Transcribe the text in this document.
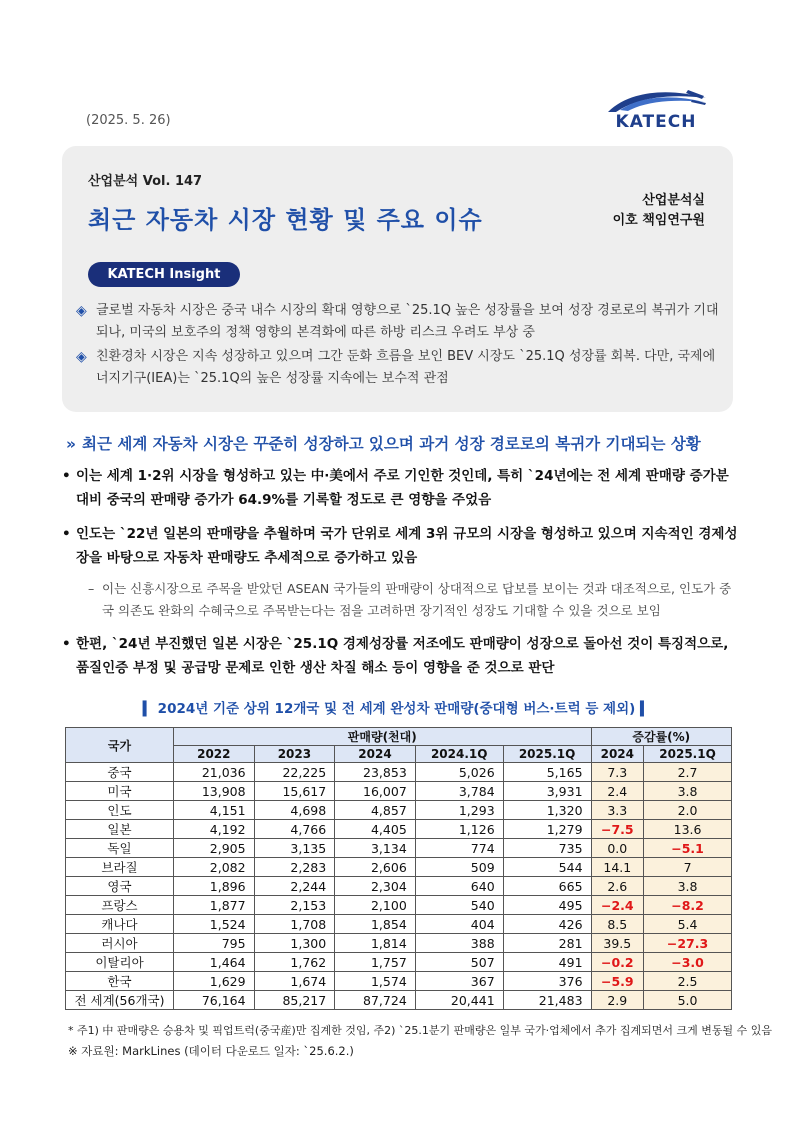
(2025. 5. 26)	KATECH
산업분석 Vol. 147
최근 자동차 시장 현황 및 주요 이슈
산업분석실
이호 책임연구원
KATECH Insight
◈ 글로벌 자동차 시장은 중국 내수 시장의 확대 영향으로 `25.1Q 높은 성장률을 보여 성장 경로로의 복귀가 기대되나, 미국의 보호주의 정책 영향의 본격화에 따른 하방 리스크 우려도 부상 중
◈ 친환경차 시장은 지속 성장하고 있으며 그간 둔화 흐름을 보인 BEV 시장도 `25.1Q 성장률 회복. 다만, 국제에너지기구(IEA)는 `25.1Q의 높은 성장률 지속에는 보수적 관점
» 최근 세계 자동차 시장은 꾸준히 성장하고 있으며 과거 성장 경로로의 복귀가 기대되는 상황
• 이는 세계 1·2위 시장을 형성하고 있는 中·美에서 주로 기인한 것인데, 특히 `24년에는 전 세계 판매량 증가분 대비 중국의 판매량 증가가 64.9%를 기록할 정도로 큰 영향을 주었음
• 인도는 `22년 일본의 판매량을 추월하며 국가 단위로 세계 3위 규모의 시장을 형성하고 있으며 지속적인 경제성장을 바탕으로 자동차 판매량도 추세적으로 증가하고 있음
– 이는 신흥시장으로 주목을 받았던 ASEAN 국가들의 판매량이 상대적으로 답보를 보이는 것과 대조적으로, 인도가 중국 의존도 완화의 수혜국으로 주목받는다는 점을 고려하면 장기적인 성장도 기대할 수 있을 것으로 보임
• 한편, `24년 부진했던 일본 시장은 `25.1Q 경제성장률 저조에도 판매량이 성장으로 돌아선 것이 특징적으로, 품질인증 부정 및 공급망 문제로 인한 생산 차질 해소 등이 영향을 준 것으로 판단
▍ 2024년 기준 상위 12개국 및 전 세계 완성차 판매량(중대형 버스·트럭 등 제외) ▍
국가	판매량(천대)					증감률(%)	
	2022	2023	2024	2024.1Q	2025.1Q	2024	2025.1Q
중국	21,036	22,225	23,853	5,026	5,165	7.3	2.7
미국	13,908	15,617	16,007	3,784	3,931	2.4	3.8
인도	4,151	4,698	4,857	1,293	1,320	3.3	2.0
일본	4,192	4,766	4,405	1,126	1,279	−7.5	13.6
독일	2,905	3,135	3,134	774	735	0.0	−5.1
브라질	2,082	2,283	2,606	509	544	14.1	7
영국	1,896	2,244	2,304	640	665	2.6	3.8
프랑스	1,877	2,153	2,100	540	495	−2.4	−8.2
캐나다	1,524	1,708	1,854	404	426	8.5	5.4
러시아	795	1,300	1,814	388	281	39.5	−27.3
이탈리아	1,464	1,762	1,757	507	491	−0.2	−3.0
한국	1,629	1,674	1,574	367	376	−5.9	2.5
전 세계(56개국)	76,164	85,217	87,724	20,441	21,483	2.9	5.0
* 주1) 中 판매량은 승용차 및 픽업트럭(중국産)만 집계한 것임, 주2) `25.1분기 판매량은 일부 국가·업체에서 추가 집계되면서 크게 변동될 수 있음
※ 자료원: MarkLines (데이터 다운로드 일자: `25.6.2.)
